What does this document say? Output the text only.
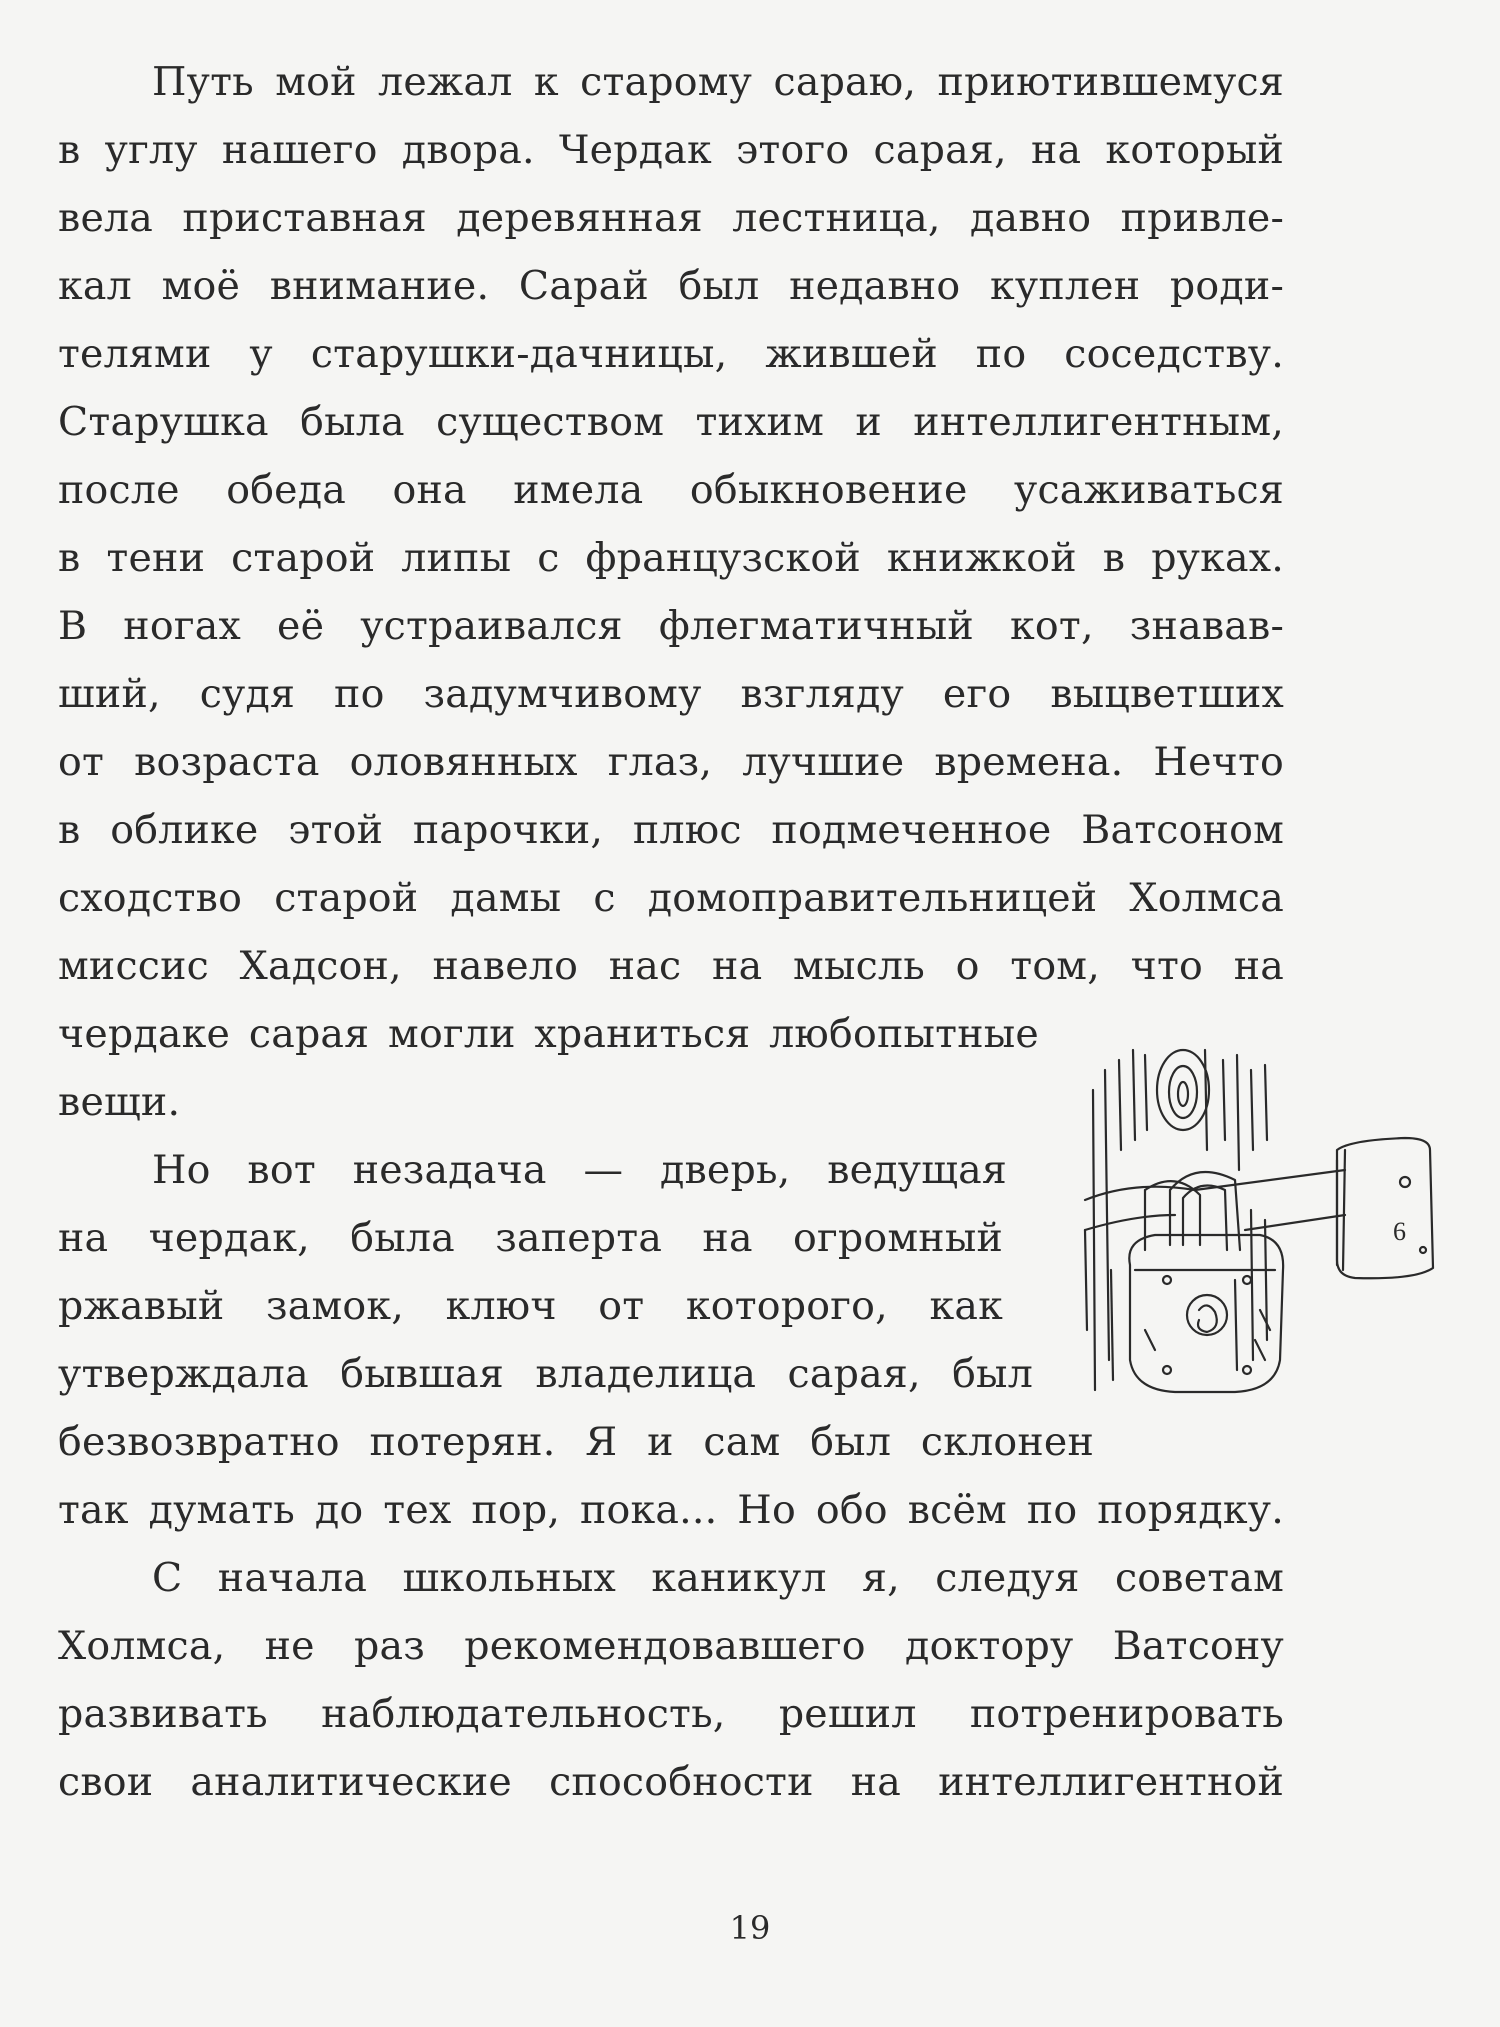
Путь мой лежал к старому сараю, приютившемуся
в углу нашего двора. Чердак этого сарая, на который
вела приставная деревянная лестница, давно привле-
кал моё внимание. Сарай был недавно куплен роди-
телями у старушки-дачницы, жившей по соседству.
Старушка была существом тихим и интеллигентным,
после обеда она имела обыкновение усаживаться
в тени старой липы с французской книжкой в руках.
В ногах её устраивался флегматичный кот, знавав-
ший, судя по задумчивому взгляду его выцветших
от возраста оловянных глаз, лучшие времена. Нечто
в облике этой парочки, плюс подмеченное Ватсоном
сходство старой дамы с домоправительницей Холмса
миссис Хадсон, навело нас на мысль о том, что на
чердаке сарая могли храниться любопытные
вещи.
Но вот незадача — дверь, ведущая
на чердак, была заперта на огромный
ржавый замок, ключ от которого, как
утверждала бывшая владелица сарая, был
безвозвратно потерян. Я и сам был склонен
так думать до тех пор, пока... Но обо всём по порядку.
С начала школьных каникул я, следуя советам
Холмса, не раз рекомендовавшего доктору Ватсону
развивать наблюдательность, решил потренировать
свои аналитические способности на интеллигентной
6
19
